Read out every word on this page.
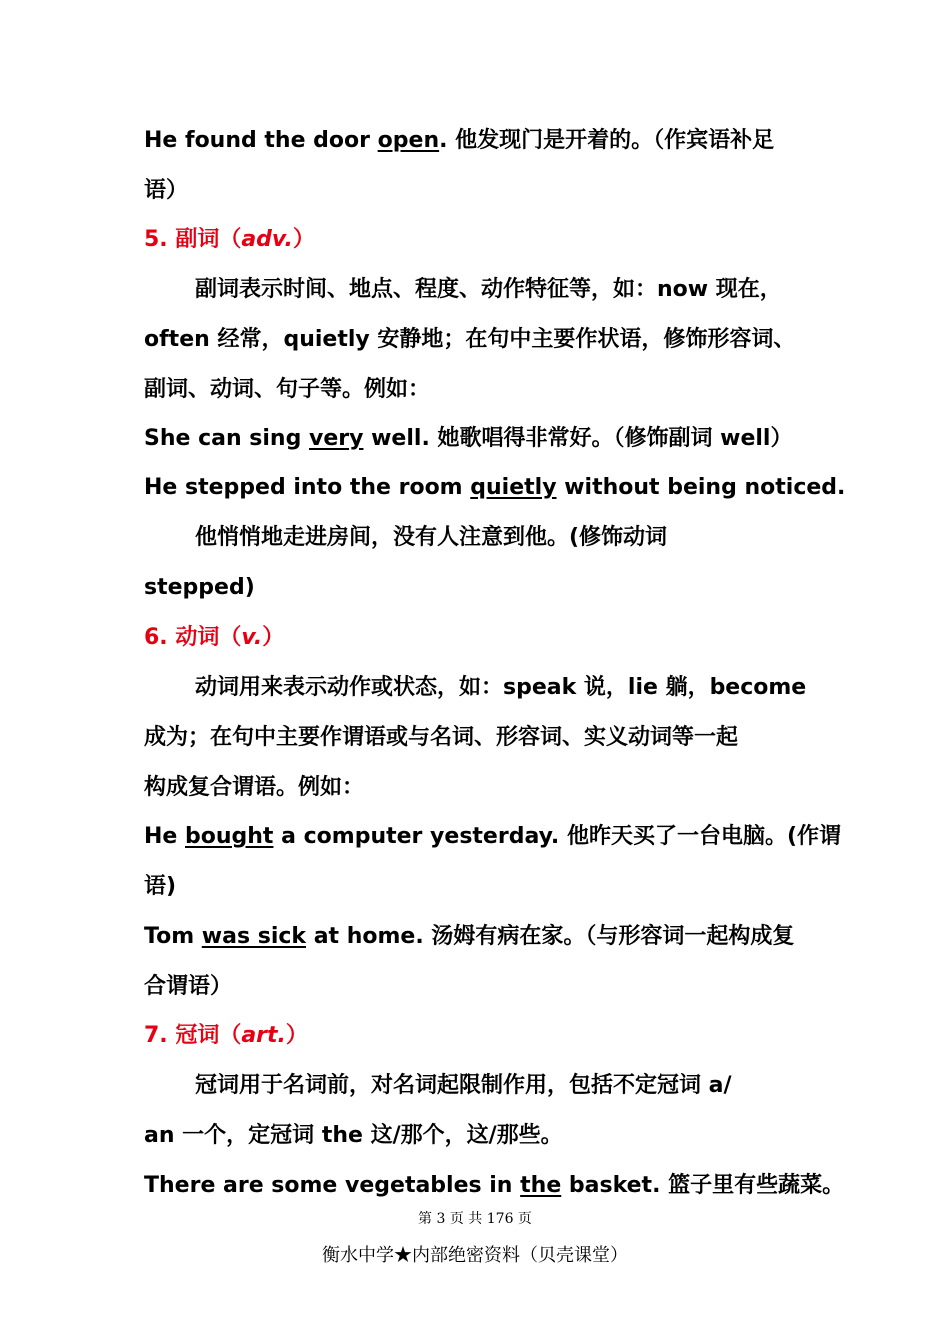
He found the door open. 他发现门是开着的。（作宾语补足
语）
5. 副词（adv.）
副词表示时间、地点、程度、动作特征等，如：now 现在，
often 经常，quietly 安静地；在句中主要作状语，修饰形容词、
副词、动词、句子等。例如：
She can sing very well. 她歌唱得非常好。（修饰副词 well）
He stepped into the room quietly without being noticed.
他悄悄地走进房间，没有人注意到他。(修饰动词
stepped)
6. 动词（v.）
动词用来表示动作或状态，如：speak 说，lie 躺，become
成为；在句中主要作谓语或与名词、形容词、实义动词等一起
构成复合谓语。例如：
He bought a computer yesterday. 他昨天买了一台电脑。(作谓
语)
Tom was sick at home. 汤姆有病在家。（与形容词一起构成复
合谓语）
7. 冠词（art.）
冠词用于名词前，对名词起限制作用，包括不定冠词 a/
an 一个，定冠词 the 这/那个，这/那些。
There are some vegetables in the basket. 篮子里有些蔬菜。
第 3 页 共 176 页
衡水中学★内部绝密资料（贝壳课堂）
